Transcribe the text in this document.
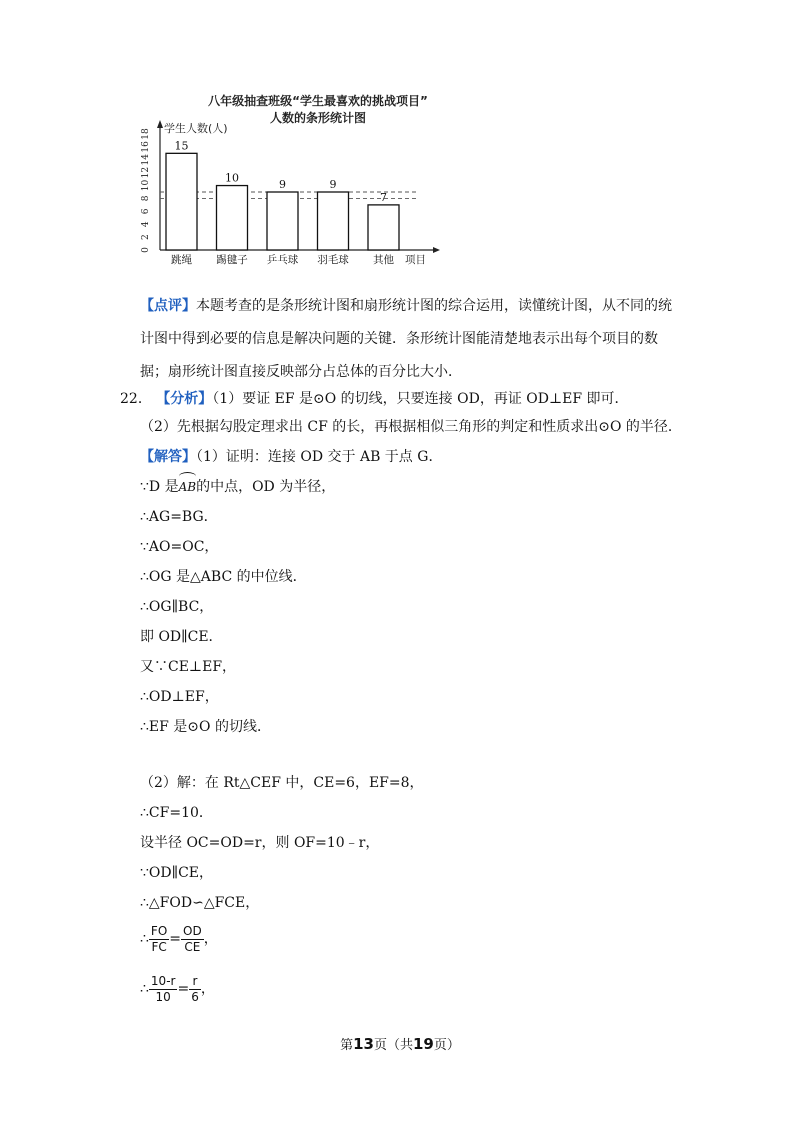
八年级抽查班级“学生最喜欢的挑战项目”
人数的条形统计图
学生人数(人)
项目
0
2
4
6
8
10
12
14
16
18
15
跳绳
10
踢毽子
9
乒乓球
9
羽毛球
7
其他
【点评】本题考查的是条形统计图和扇形统计图的综合运用，读懂统计图，从不同的统计图中得到必要的信息是解决问题的关键．条形统计图能清楚地表示出每个项目的数据；扇形统计图直接反映部分占总体的百分比大小．
22． 【分析】（1）要证 EF 是⊙O 的切线，只要连接 OD，再证 OD⊥EF 即可．
（2）先根据勾股定理求出 CF 的长，再根据相似三角形的判定和性质求出⊙O 的半径．
【解答】（1）证明：连接 OD 交于 AB 于点 G．
∵D 是AB的中点，OD 为半径，
∴AG=BG．
∵AO=OC，
∴OG 是△ABC 的中位线．
∴OG∥BC，
即 OD∥CE．
又∵CE⊥EF，
∴OD⊥EF，
∴EF 是⊙O 的切线．
（2）解：在 Rt△CEF 中，CE=6，EF=8，
∴CF=10．
设半径 OC=OD=r，则 OF=10﹣r，
∵OD∥CE，
∴△FOD∽△FCE，
∴ $\frac{FO}{FC} = \frac{OD}{CE}$ ，
∴ $\frac{10-r}{10} = \frac{r}{6}$ ，
第13页（共19页）
